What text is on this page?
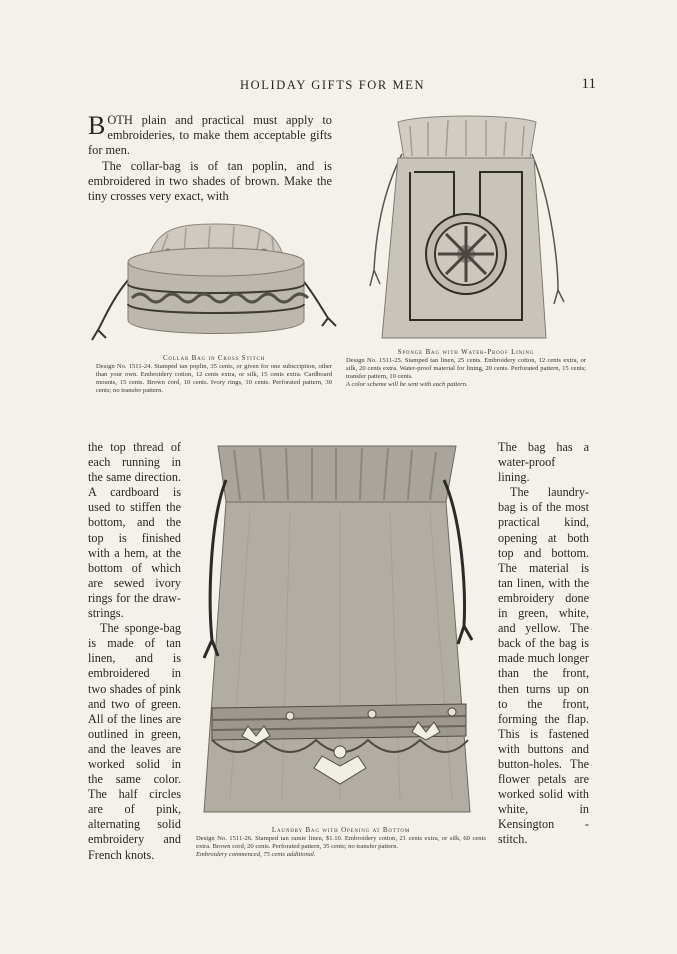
HOLIDAY GIFTS FOR MEN	11

BOTH plain and practical must apply to embroideries, to make them acceptable gifts for men.

The collar-bag is of tan poplin, and is embroidered in two shades of brown. Make the tiny crosses very exact, with

Collar Bag in Cross Stitch
Design No. 1511-24. Stamped tan poplin, 35 cents, or given for one subscription, other than your own. Embroidery cotton, 12 cents extra, or silk, 15 cents extra. Cardboard mounts, 15 cents. Brown cord, 10 cents. Ivory rings, 10 cents. Perforated pattern, 30 cents; no transfer pattern.
Sponge Bag with Water-Proof Lining
Design No. 1511-25. Stamped tan linen, 25 cents. Embroidery cotton, 12 cents extra, or silk, 20 cents extra. Water-proof material for lining, 20 cents. Perforated pattern, 15 cents; transfer pattern, 10 cents.
A color scheme will be sent with each pattern.

the top thread of each running in the same direction. A cardboard is used to stiffen the bottom, and the top is finished with a hem, at the bottom of which are sewed ivory rings for the draw-strings.

The sponge-bag is made of tan linen, and is embroidered in two shades of pink and two of green. All of the lines are outlined in green, and the leaves are worked solid in the same color. The half circles are of pink, alternating solid embroidery and French knots.

Laundry Bag with Opening at Bottom
Design No. 1511-26. Stamped tan ramie linen, $1.10. Embroidery cotton, 21 cents extra, or silk, 60 cents extra. Brown cord, 20 cents. Perforated pattern, 35 cents; no transfer pattern.
Embroidery commenced, 75 cents additional.

The bag has a water-proof lining.

The laundry-bag is of the most practical kind, opening at both top and bottom. The material is tan linen, with the embroidery done in green, white, and yellow. The back of the bag is made much longer than the front, then turns up on to the front, forming the flap. This is fastened with buttons and button-holes. The flower petals are worked solid with white, in Kensington - stitch.
